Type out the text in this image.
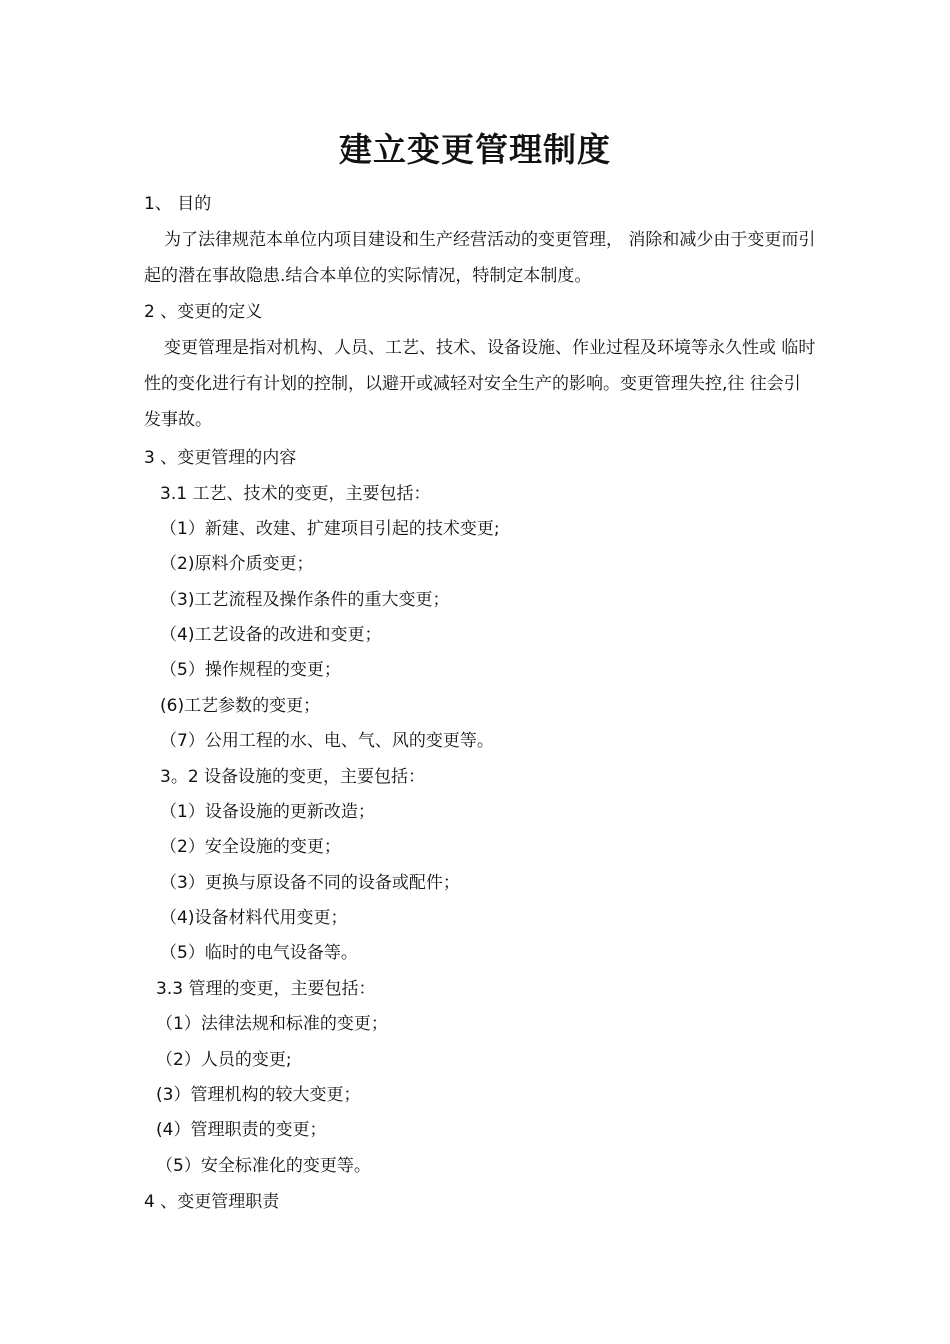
建立变更管理制度
1、 目的
为了法律规范本单位内项目建设和生产经营活动的变更管理， 消除和减少由于变更而引 起的潜在事故隐患.结合本单位的实际情况，特制定本制度。
2 、变更的定义
变更管理是指对机构、人员、工艺、技术、设备设施、作业过程及环境等永久性或 临时性的变化进行有计划的控制，以避开或减轻对安全生产的影响。变更管理失控,往 往会引发事故。
3 、变更管理的内容
3.1 工艺、技术的变更，主要包括：
（1）新建、改建、扩建项目引起的技术变更;
（2)原料介质变更；
（3)工艺流程及操作条件的重大变更；
（4)工艺设备的改进和变更；
（5）操作规程的变更；
(6)工艺参数的变更；
（7）公用工程的水、电、气、风的变更等。
3。2 设备设施的变更，主要包括：
（1）设备设施的更新改造；
（2）安全设施的变更；
（3）更换与原设备不同的设备或配件；
（4)设备材料代用变更；
（5）临时的电气设备等。
3.3 管理的变更，主要包括：
（1）法律法规和标准的变更；
（2）人员的变更;
(3）管理机构的较大变更；
(4）管理职责的变更；
（5）安全标准化的变更等。
4 、变更管理职责
